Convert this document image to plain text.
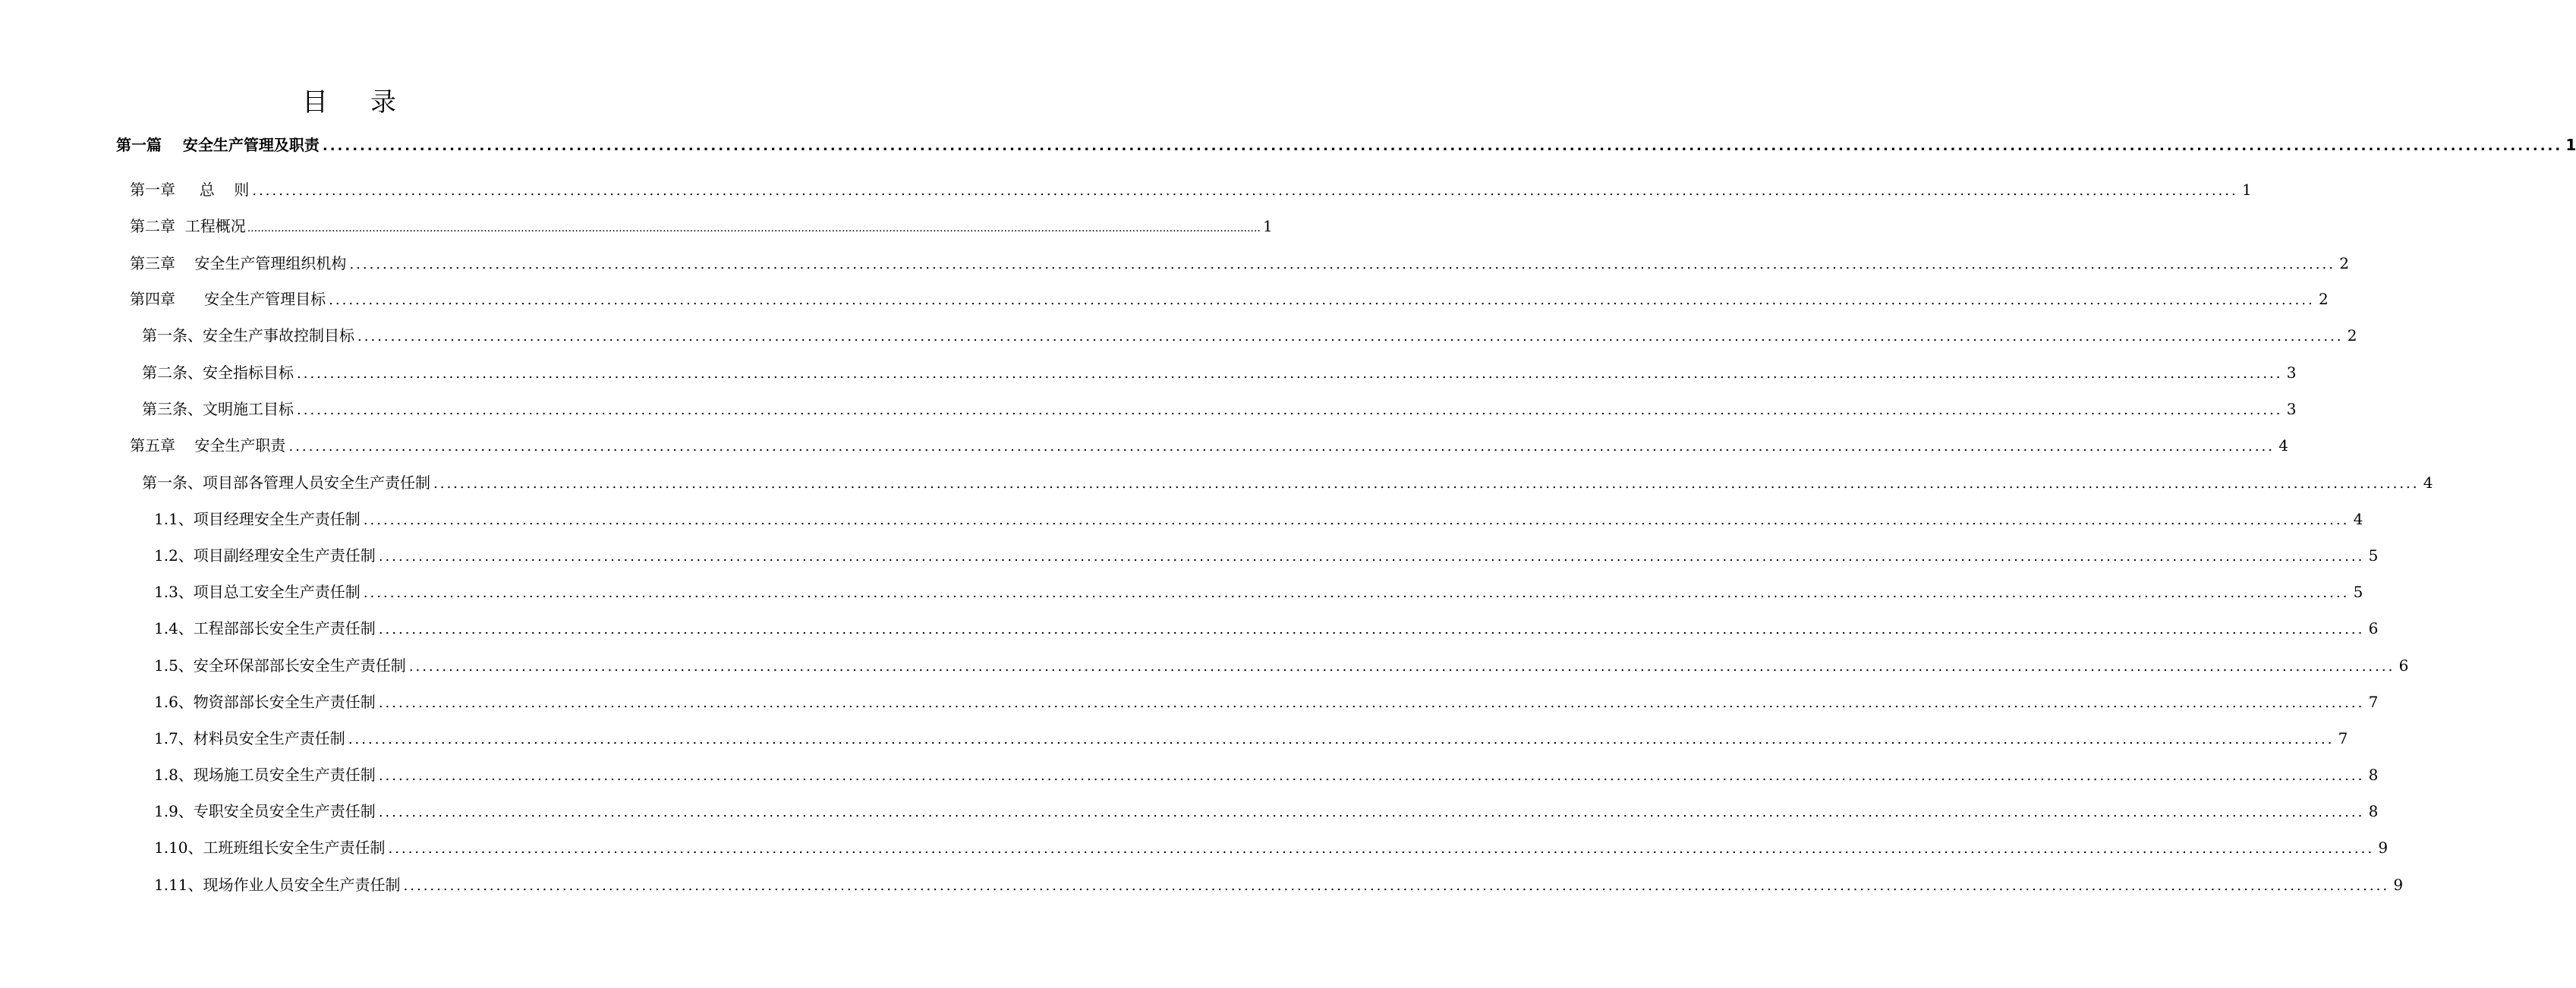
目 录
第一篇    安全生产管理及职责 ............................................................................................................................................................................................................................................................................................................ 1
第一章     总    则 ............................................................................................................................................................................................................................................................................................................ 1
第二章  工程概况 ............................................................................................................................................................................................................................................................................................................ 1
第三章    安全生产管理组织机构 ............................................................................................................................................................................................................................................................................................................ 2
第四章      安全生产管理目标 ............................................................................................................................................................................................................................................................................................................ 2
第一条、安全生产事故控制目标 ............................................................................................................................................................................................................................................................................................................ 2
第二条、安全指标目标 ............................................................................................................................................................................................................................................................................................................ 3
第三条、文明施工目标 ............................................................................................................................................................................................................................................................................................................ 3
第五章    安全生产职责 ............................................................................................................................................................................................................................................................................................................ 4
第一条、项目部各管理人员安全生产责任制 ............................................................................................................................................................................................................................................................................................................ 4
1.1、项目经理安全生产责任制 ............................................................................................................................................................................................................................................................................................................ 4
1.2、项目副经理安全生产责任制 ............................................................................................................................................................................................................................................................................................................ 5
1.3、项目总工安全生产责任制 ............................................................................................................................................................................................................................................................................................................ 5
1.4、工程部部长安全生产责任制 ............................................................................................................................................................................................................................................................................................................ 6
1.5、安全环保部部长安全生产责任制 ............................................................................................................................................................................................................................................................................................................ 6
1.6、物资部部长安全生产责任制 ............................................................................................................................................................................................................................................................................................................ 7
1.7、材料员安全生产责任制 ............................................................................................................................................................................................................................................................................................................ 7
1.8、现场施工员安全生产责任制 ............................................................................................................................................................................................................................................................................................................ 8
1.9、专职安全员安全生产责任制 ............................................................................................................................................................................................................................................................................................................ 8
1.10、工班班组长安全生产责任制 ............................................................................................................................................................................................................................................................................................................ 9
1.11、现场作业人员安全生产责任制 ............................................................................................................................................................................................................................................................................................................ 9
